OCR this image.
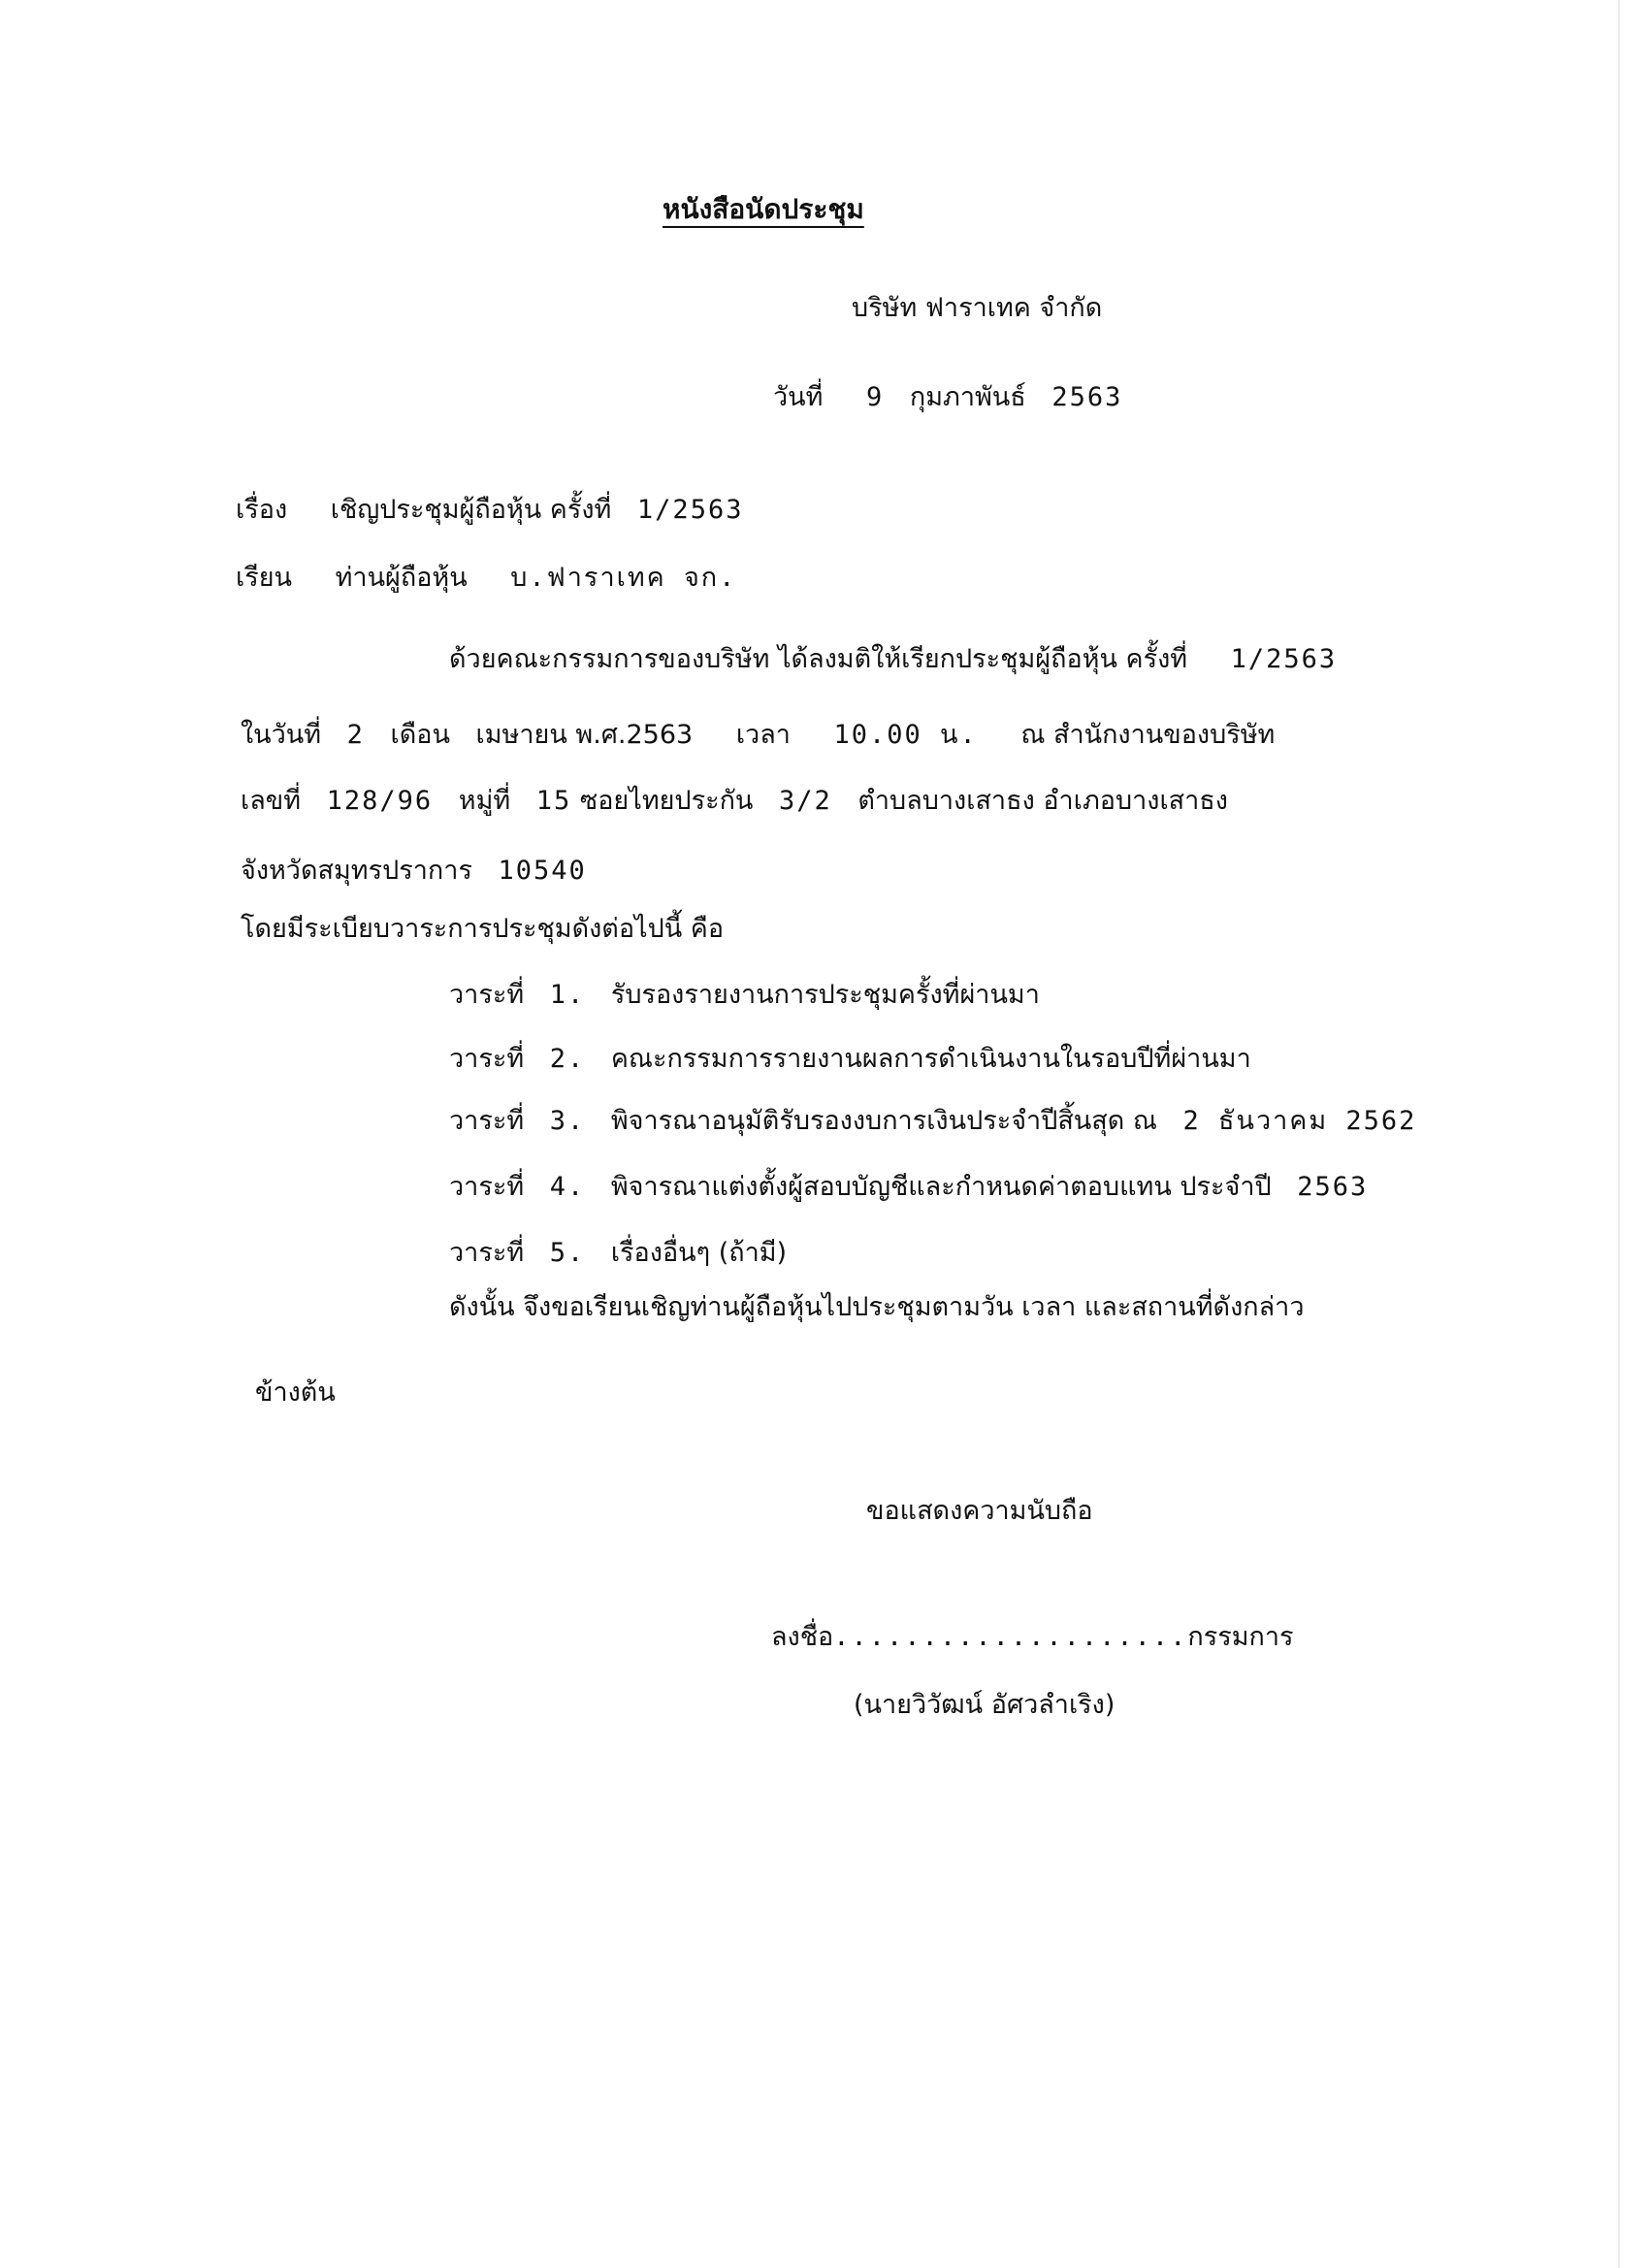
หนังสือนัดประชุม
บริษัท ฟาราเทค จำกัด
วันที่ 9 กุมภาพันธ์ 2563
เรื่อง เชิญประชุมผู้ถือหุ้น ครั้งที่ 1/2563
เรียน ท่านผู้ถือหุ้น บ.ฟาราเทค จก.
ด้วยคณะกรรมการของบริษัท ได้ลงมติให้เรียกประชุมผู้ถือหุ้น ครั้งที่ 1/2563
ในวันที่ 2 เดือน เมษายน พ.ศ.2563 เวลา 10.00 น. ณ สำนักงานของบริษัท
เลขที่ 128/96 หมู่ที่ 15 ซอยไทยประกัน 3/2 ตำบลบางเสาธง อำเภอบางเสาธง
จังหวัดสมุทรปราการ 10540
โดยมีระเบียบวาระการประชุมดังต่อไปนี้ คือ
วาระที่ 1. รับรองรายงานการประชุมครั้งที่ผ่านมา
วาระที่ 2. คณะกรรมการรายงานผลการดำเนินงานในรอบปีที่ผ่านมา
วาระที่ 3. พิจารณาอนุมัติรับรองงบการเงินประจำปีสิ้นสุด ณ 2 ธันวาคม 2562
วาระที่ 4. พิจารณาแต่งตั้งผู้สอบบัญชีและกำหนดค่าตอบแทน ประจำปี 2563
วาระที่ 5. เรื่องอื่นๆ (ถ้ามี)
ดังนั้น จึงขอเรียนเชิญท่านผู้ถือหุ้นไปประชุมตามวัน เวลา และสถานที่ดังกล่าว
ข้างต้น
ขอแสดงความนับถือ
ลงชื่อ....................กรรมการ
(นายวิวัฒน์ อัศวลำเริง)
